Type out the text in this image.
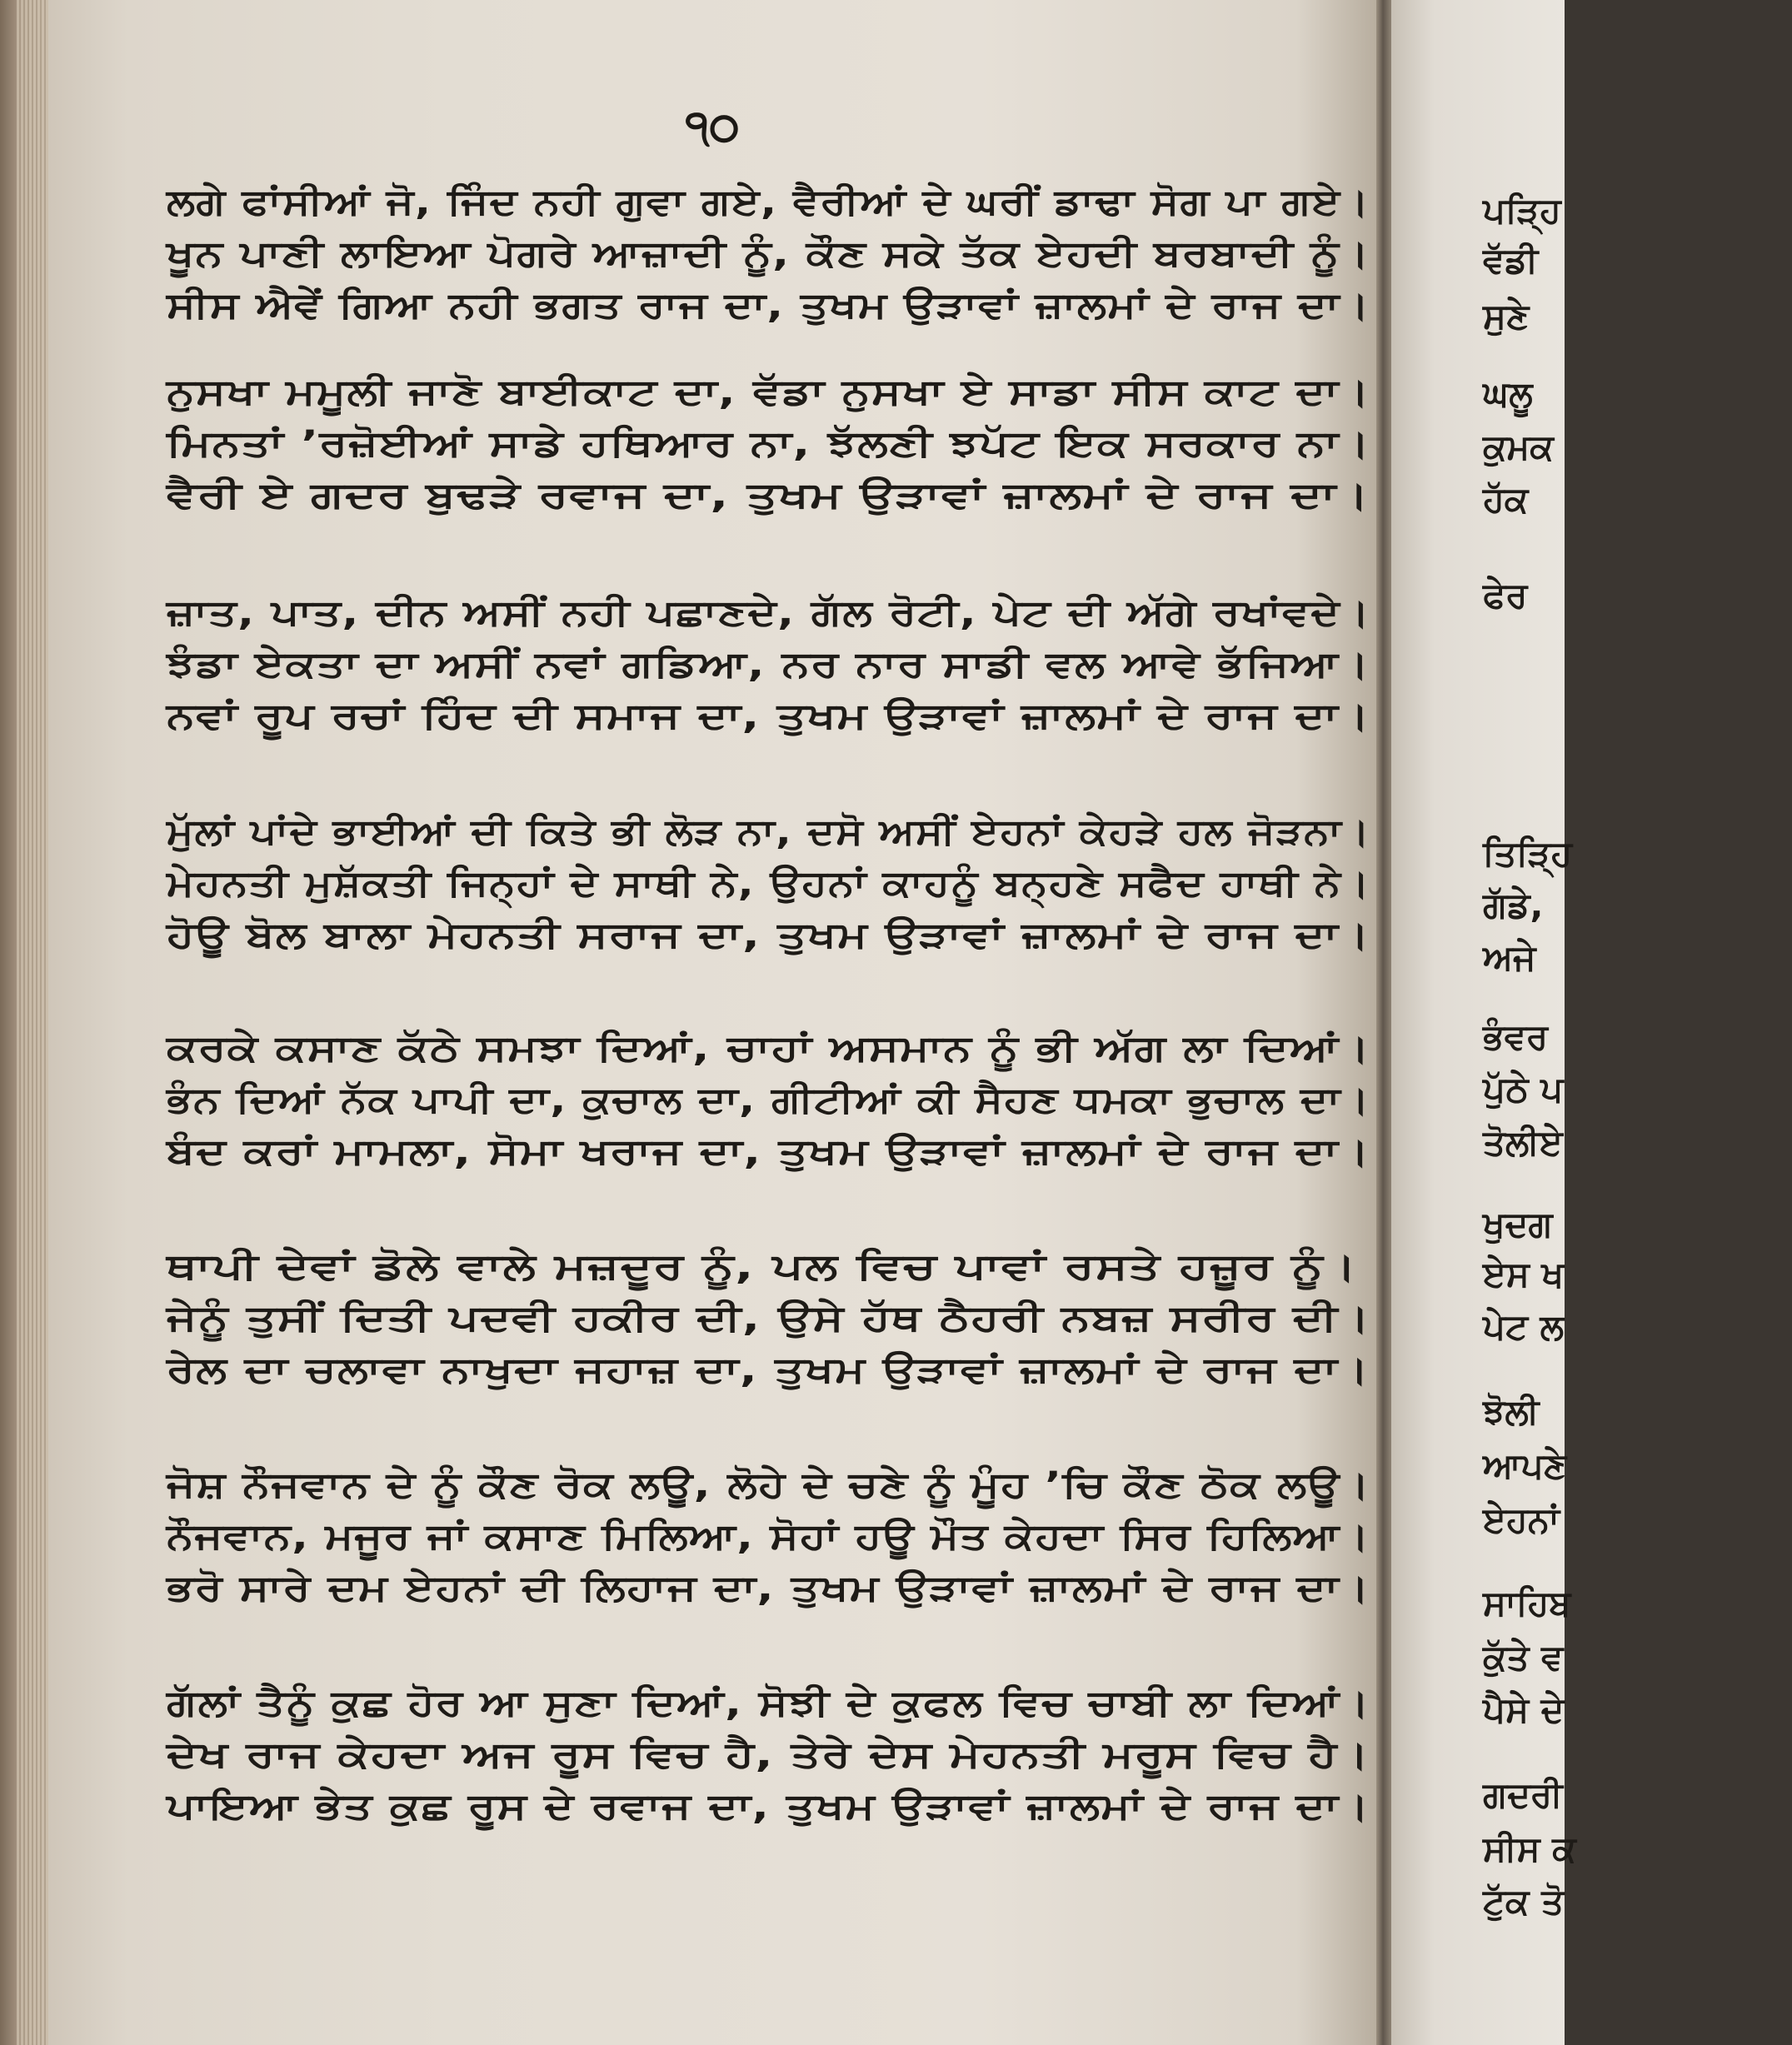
੧੦
ਲਗੇ ਫਾਂਸੀਆਂ ਜੋ, ਜਿੰਦ ਨਹੀ ਗੁਵਾ ਗਏ, ਵੈਰੀਆਂ ਦੇ ਘਰੀਂ ਡਾਢਾ ਸੋਗ ਪਾ ਗਏ।
ਖੂਨ ਪਾਣੀ ਲਾਇਆ ਪੋਗਰੇ ਆਜ਼ਾਦੀ ਨੂੰ, ਕੌਣ ਸਕੇ ਤੱਕ ਏਹਦੀ ਬਰਬਾਦੀ ਨੂੰ।
ਸੀਸ ਐਵੇਂ ਗਿਆ ਨਹੀ ਭਗਤ ਰਾਜ ਦਾ, ਤੁਖਮ ਉੜਾਵਾਂ ਜ਼ਾਲਮਾਂ ਦੇ ਰਾਜ ਦਾ।
ਨੁਸਖਾ ਮਮੂਲੀ ਜਾਣੋ ਬਾਈਕਾਟ ਦਾ, ਵੱਡਾ ਨੁਸਖਾ ਏ ਸਾਡਾ ਸੀਸ ਕਾਟ ਦਾ।
ਮਿਨਤਾਂ ’ਰਜ਼ੋਈਆਂ ਸਾਡੇ ਹਥਿਆਰ ਨਾ, ਝੱਲਣੀ ਝਪੱਟ ਇਕ ਸਰਕਾਰ ਨਾ।
ਵੈਰੀ ਏ ਗਦਰ ਬੁਢੜੇ ਰਵਾਜ ਦਾ, ਤੁਖਮ ਉੜਾਵਾਂ ਜ਼ਾਲਮਾਂ ਦੇ ਰਾਜ ਦਾ।
ਜ਼ਾਤ, ਪਾਤ, ਦੀਨ ਅਸੀਂ ਨਹੀ ਪਛਾਣਦੇ, ਗੱਲ ਰੋਟੀ, ਪੇਟ ਦੀ ਅੱਗੇ ਰਖਾਂਵਦੇ।
ਝੰਡਾ ਏਕਤਾ ਦਾ ਅਸੀਂ ਨਵਾਂ ਗਡਿਆ, ਨਰ ਨਾਰ ਸਾਡੀ ਵਲ ਆਵੇ ਭੱਜਿਆ।
ਨਵਾਂ ਰੂਪ ਰਚਾਂ ਹਿੰਦ ਦੀ ਸਮਾਜ ਦਾ, ਤੁਖਮ ਉੜਾਵਾਂ ਜ਼ਾਲਮਾਂ ਦੇ ਰਾਜ ਦਾ।
ਮੁੱਲਾਂ ਪਾਂਦੇ ਭਾਈਆਂ ਦੀ ਕਿਤੇ ਭੀ ਲੋੜ ਨਾ, ਦਸੋ ਅਸੀਂ ਏਹਨਾਂ ਕੇਹੜੇ ਹਲ ਜੋੜਨਾ।
ਮੇਹਨਤੀ ਮੁਸ਼ੱਕਤੀ ਜਿਨ੍ਹਾਂ ਦੇ ਸਾਥੀ ਨੇ, ਉਹਨਾਂ ਕਾਹਨੂੰ ਬਨ੍ਹਣੇ ਸਫੈਦ ਹਾਥੀ ਨੇ।
ਹੋਊ ਬੋਲ ਬਾਲਾ ਮੇਹਨਤੀ ਸਰਾਜ ਦਾ, ਤੁਖਮ ਉੜਾਵਾਂ ਜ਼ਾਲਮਾਂ ਦੇ ਰਾਜ ਦਾ।
ਕਰਕੇ ਕਸਾਣ ਕੱਠੇ ਸਮਝਾ ਦਿਆਂ, ਚਾਹਾਂ ਅਸਮਾਨ ਨੂੰ ਭੀ ਅੱਗ ਲਾ ਦਿਆਂ।
ਭੰਨ ਦਿਆਂ ਨੱਕ ਪਾਪੀ ਦਾ, ਕੁਚਾਲ ਦਾ, ਗੀਟੀਆਂ ਕੀ ਸੈਹਣ ਧਮਕਾ ਭੁਚਾਲ ਦਾ।
ਬੰਦ ਕਰਾਂ ਮਾਮਲਾ, ਸੋਮਾ ਖਰਾਜ ਦਾ, ਤੁਖਮ ਉੜਾਵਾਂ ਜ਼ਾਲਮਾਂ ਦੇ ਰਾਜ ਦਾ।
ਥਾਪੀ ਦੇਵਾਂ ਡੋਲੇ ਵਾਲੇ ਮਜ਼ਦੂਰ ਨੂੰ, ਪਲ ਵਿਚ ਪਾਵਾਂ ਰਸਤੇ ਹਜ਼ੂਰ ਨੂੰ।
ਜੇਨੂੰ ਤੁਸੀਂ ਦਿਤੀ ਪਦਵੀ ਹਕੀਰ ਦੀ, ਉਸੇ ਹੱਥ ਠੈਹਰੀ ਨਬਜ਼ ਸਰੀਰ ਦੀ।
ਰੇਲ ਦਾ ਚਲਾਵਾ ਨਾਖੁਦਾ ਜਹਾਜ਼ ਦਾ, ਤੁਖਮ ਉੜਾਵਾਂ ਜ਼ਾਲਮਾਂ ਦੇ ਰਾਜ ਦਾ।
ਜੋਸ਼ ਨੌਜਵਾਨ ਦੇ ਨੂੰ ਕੌਣ ਰੋਕ ਲਊ, ਲੋਹੇ ਦੇ ਚਣੇ ਨੂੰ ਮੂੰਹ ’ਚਿ ਕੌਣ ਠੋਕ ਲਊ।
ਨੌਜਵਾਨ, ਮਜੂਰ ਜਾਂ ਕਸਾਣ ਮਿਲਿਆ, ਸੋਹਾਂ ਹਊ ਮੌਤ ਕੇਹਦਾ ਸਿਰ ਹਿਲਿਆ।
ਭਰੋ ਸਾਰੇ ਦਮ ਏਹਨਾਂ ਦੀ ਲਿਹਾਜ ਦਾ, ਤੁਖਮ ਉੜਾਵਾਂ ਜ਼ਾਲਮਾਂ ਦੇ ਰਾਜ ਦਾ।
ਗੱਲਾਂ ਤੈਨੂੰ ਕੁਛ ਹੋਰ ਆ ਸੁਣਾ ਦਿਆਂ, ਸੋਝੀ ਦੇ ਕੁਫਲ ਵਿਚ ਚਾਬੀ ਲਾ ਦਿਆਂ।
ਦੇਖ ਰਾਜ ਕੇਹਦਾ ਅਜ ਰੂਸ ਵਿਚ ਹੈ, ਤੇਰੇ ਦੇਸ ਮੇਹਨਤੀ ਮਰੂਸ ਵਿਚ ਹੈ।
ਪਾਇਆ ਭੇਤ ਕੁਛ ਰੂਸ ਦੇ ਰਵਾਜ ਦਾ, ਤੁਖਮ ਉੜਾਵਾਂ ਜ਼ਾਲਮਾਂ ਦੇ ਰਾਜ ਦਾ।
ਪੜ੍ਹਿ
ਵੱਡੀ
ਸੁਣੇ
ਘਲੂ
ਕੁਮਕ
ਹੱਕ
ਫੇਰ
ਤਿੜ੍ਹਿ
ਗੱਡੇ,
ਅਜੇ
ਭੰਵਰ
ਪੁੱਠੇ ਪ
ਤੋਲੀਏ
ਖੁਦਗ
ਏਸ ਖ
ਪੇਟ ਲ
ਝੋਲੀ
ਆਪਣੇ
ਏਹਨਾਂ
ਸਾਹਿਬ
ਕੁੱਤੇ ਵ
ਪੈਸੇ ਦੇ
ਗਦਰੀ
ਸੀਸ ਕ
ਟੁੱਕ ਤੋ
